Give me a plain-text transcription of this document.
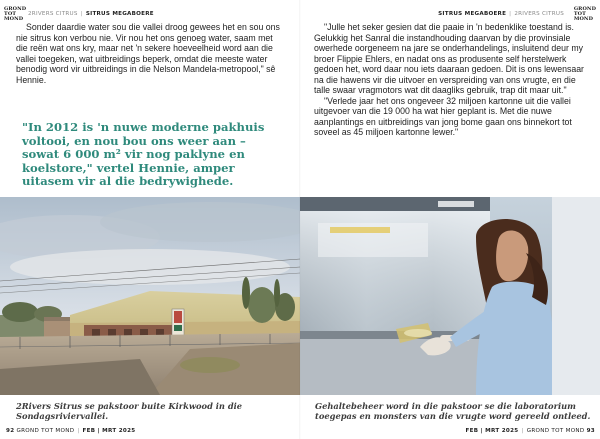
GROND
TOT
MOND
2RIVERS CITRUS | SITRUS MEGABOERE

Sonder daardie water sou die vallei droog gewees het en sou ons nie sitrus kon verbou nie. Vir nou het ons genoeg water, saam met die reën wat ons kry, maar net 'n sekere hoeveelheid word aan die vallei toegeken, wat uitbreidings beperk, omdat die meeste water benodig word vir uitbreidings in die Nelson Mandela-metropool," sê Hennie.

"In 2012 is 'n nuwe moderne pakhuis voltooi, en nou bou ons weer aan – sowat 6 000 m² vir nog paklyne en koelstore," vertel Hennie, amper uitasem vir al die bedrywighede.

2Rivers Sitrus se pakstoor buite Kirkwood in die Sondagsriviervallei.

92 GROND TOT MOND | FEB | MRT 2025
GROND
TOT
MOND
SITRUS MEGABOERE | 2RIVERS CITRUS

"Julle het seker gesien dat die paaie in 'n bedenklike toestand is. Gelukkig het Sanral die instandhouding daarvan by die provinsiale owerhede oorgeneem na jare se onderhandelings, insluitend deur my broer Flippie Ehlers, en nadat ons as produsente self herstelwerk gedoen het, word daar nou iets daaraan gedoen. Dit is ons lewensaar na die hawens vir die uitvoer en verspreiding van ons vrugte, en die talle swaar vragmotors wat dit daagliks gebruik, trap dit maar uit."

"Verlede jaar het ons ongeveer 32 miljoen kartonne uit die vallei uitgevoer van die 19 000 ha wat hier geplant is. Met die nuwe aanplantings en uitbreidings van jong bome gaan ons binnekort tot soveel as 45 miljoen kartonne lewer."

Gehaltebeheer word in die pakstoor se die laboratorium toegepas en monsters van die vrugte word gereeld ontleed.

FEB | MRT 2025 | GROND TOT MOND 93
